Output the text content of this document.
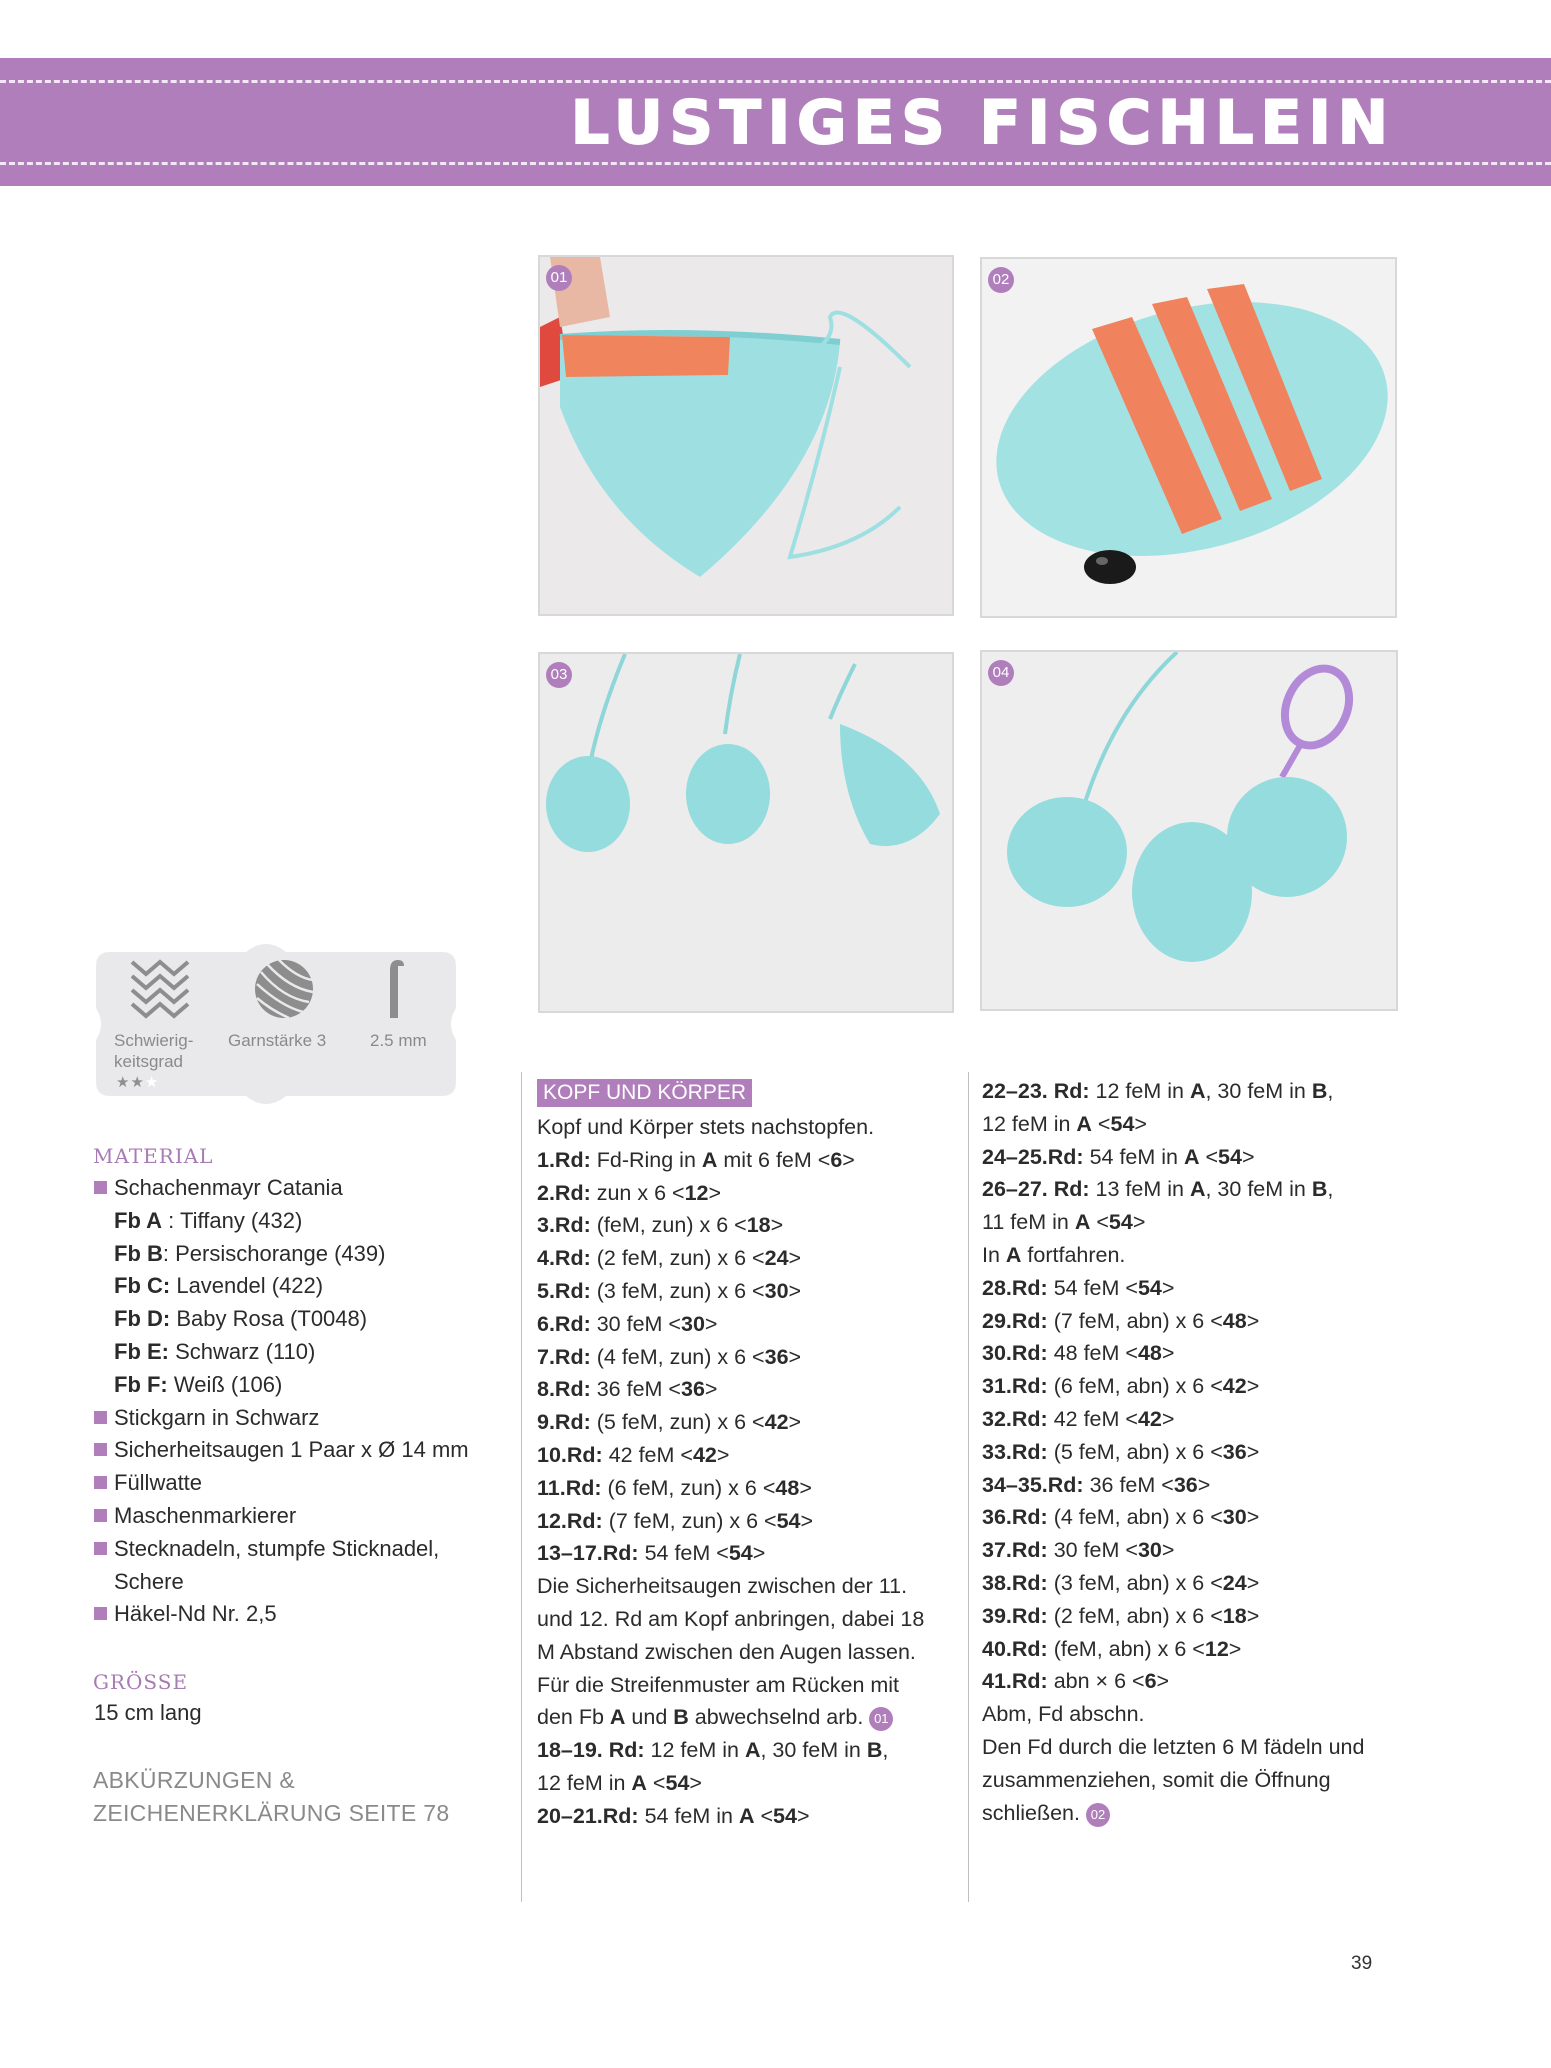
LUSTIGES FISCHLEIN
01	02
03	04
Schwierig-
keitsgrad
Garnstärke 3	2.5 mm
★★★
MATERIAL
Schachenmayr Catania
Fb A : Tiffany (432)
Fb B: Persischorange (439)
Fb C: Lavendel (422)
Fb D: Baby Rosa (T0048)
Fb E: Schwarz (110)
Fb F: Weiß (106)
Stickgarn in Schwarz
Sicherheitsaugen 1 Paar x Ø 14 mm
Füllwatte
Maschenmarkierer
Stecknadeln, stumpfe Sticknadel,
Schere
Häkel-Nd Nr. 2,5
GRÖSSE
15 cm lang
ABKÜRZUNGEN &
ZEICHENERKLÄRUNG SEITE 78
KOPF UND KÖRPER
Kopf und Körper stets nachstopfen.
1.Rd: Fd-Ring in A mit 6 feM <6>
2.Rd: zun x 6 <12>
3.Rd: (feM, zun) x 6 <18>
4.Rd: (2 feM, zun) x 6 <24>
5.Rd: (3 feM, zun) x 6 <30>
6.Rd: 30 feM <30>
7.Rd: (4 feM, zun) x 6 <36>
8.Rd: 36 feM <36>
9.Rd: (5 feM, zun) x 6 <42>
10.Rd: 42 feM <42>
11.Rd: (6 feM, zun) x 6 <48>
12.Rd: (7 feM, zun) x 6 <54>
13–17.Rd: 54 feM <54>
Die Sicherheitsaugen zwischen der 11.
und 12. Rd am Kopf anbringen, dabei 18
M Abstand zwischen den Augen lassen.
Für die Streifenmuster am Rücken mit
den Fb A und B abwechselnd arb. 01
18–19. Rd: 12 feM in A, 30 feM in B,
12 feM in A <54>
20–21.Rd: 54 feM in A <54>
22–23. Rd: 12 feM in A, 30 feM in B,
12 feM in A <54>
24–25.Rd: 54 feM in A <54>
26–27. Rd: 13 feM in A, 30 feM in B,
11 feM in A <54>
In A fortfahren.
28.Rd: 54 feM <54>
29.Rd: (7 feM, abn) x 6 <48>
30.Rd: 48 feM <48>
31.Rd: (6 feM, abn) x 6 <42>
32.Rd: 42 feM <42>
33.Rd: (5 feM, abn) x 6 <36>
34–35.Rd: 36 feM <36>
36.Rd: (4 feM, abn) x 6 <30>
37.Rd: 30 feM <30>
38.Rd: (3 feM, abn) x 6 <24>
39.Rd: (2 feM, abn) x 6 <18>
40.Rd: (feM, abn) x 6 <12>
41.Rd: abn × 6 <6>
Abm, Fd abschn.
Den Fd durch die letzten 6 M fädeln und
zusammenziehen, somit die Öffnung
schließen. 02
39
